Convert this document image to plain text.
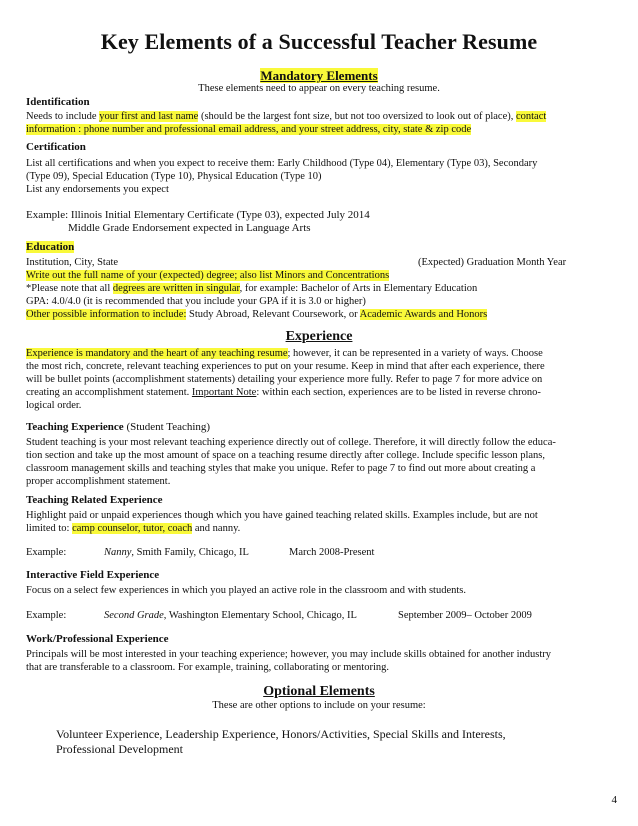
Key Elements of a Successful Teacher Resume
Mandatory Elements
These elements need to appear on every teaching resume.
Identification
Needs to include your first and last name (should be the largest font size, but not too oversized to look out of place), contact
information : phone number and professional email address, and your street address, city, state & zip code
Certification
List all certifications and when you expect to receive them: Early Childhood (Type 04), Elementary (Type 03), Secondary
(Type 09), Special Education (Type 10), Physical Education (Type 10)
List any endorsements you expect
Example: Illinois Initial Elementary Certificate (Type 03), expected July 2014
Middle Grade Endorsement expected in Language Arts
Education
Institution, City, State	(Expected) Graduation Month Year
Write out the full name of your (expected) degree; also list Minors and Concentrations
*Please note that all degrees are written in singular, for example: Bachelor of Arts in Elementary Education
GPA: 4.0/4.0 (it is recommended that you include your GPA if it is 3.0 or higher)
Other possible information to include: Study Abroad, Relevant Coursework, or Academic Awards and Honors
Experience
Experience is mandatory and the heart of any teaching resume; however, it can be represented in a variety of ways. Choose
the most rich, concrete, relevant teaching experiences to put on your resume. Keep in mind that after each experience, there
will be bullet points (accomplishment statements) detailing your experience more fully. Refer to page 7 for more advice on
creating an accomplishment statement. Important Note: within each section, experiences are to be listed in reverse chrono-
logical order.
Teaching Experience (Student Teaching)
Student teaching is your most relevant teaching experience directly out of college. Therefore, it will directly follow the educa-
tion section and take up the most amount of space on a teaching resume directly after college. Include specific lesson plans,
classroom management skills and teaching styles that make you unique. Refer to page 7 to find out more about creating a
proper accomplishment statement.
Teaching Related Experience
Highlight paid or unpaid experiences though which you have gained teaching related skills. Examples include, but are not
limited to: camp counselor, tutor, coach and nanny.
Example:	Nanny, Smith Family, Chicago, IL	March 2008-Present
Interactive Field Experience
Focus on a select few experiences in which you played an active role in the classroom and with students.
Example:	Second Grade, Washington Elementary School, Chicago, IL	September 2009– October 2009
Work/Professional Experience
Principals will be most interested in your teaching experience; however, you may include skills obtained for another industry
that are transferable to a classroom. For example, training, collaborating or mentoring.
Optional Elements
These are other options to include on your resume:
Volunteer Experience, Leadership Experience, Honors/Activities, Special Skills and Interests,
Professional Development
4
